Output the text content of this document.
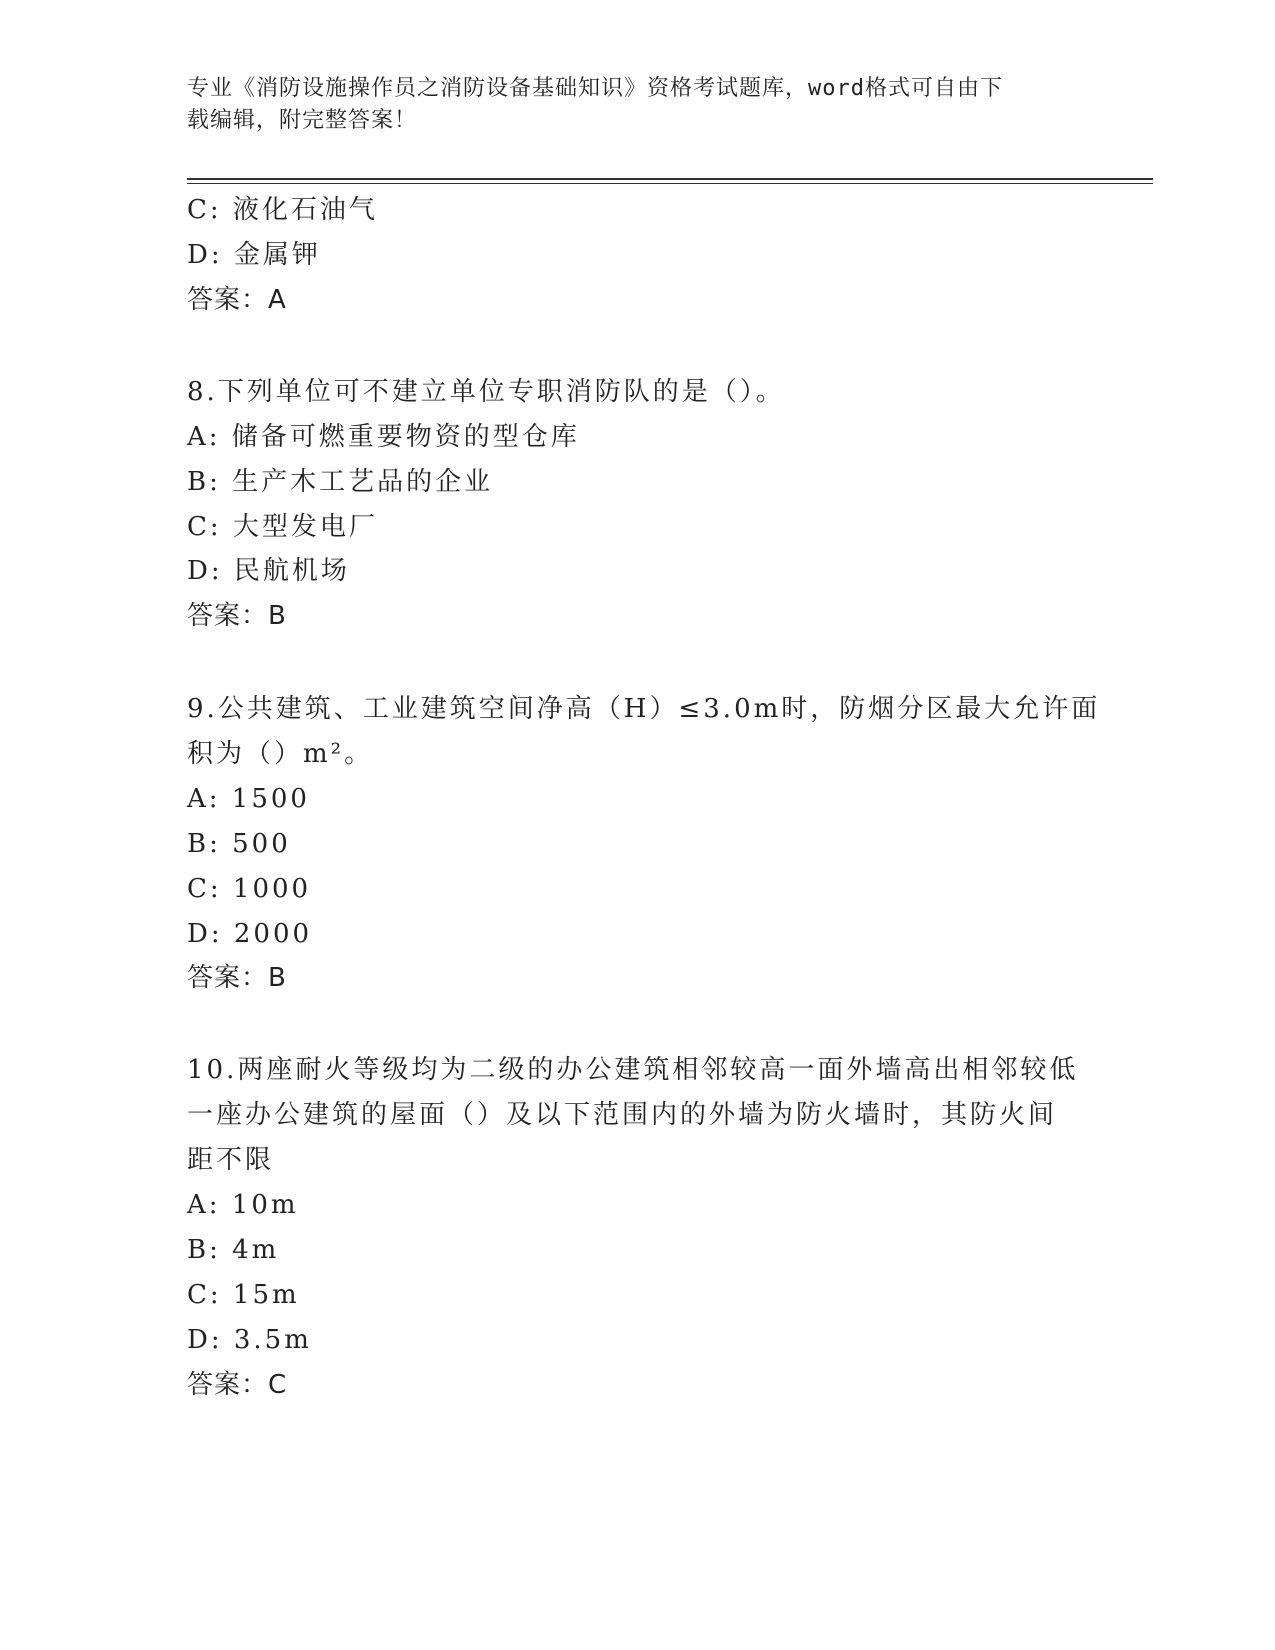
专业《消防设施操作员之消防设备基础知识》资格考试题库，word格式可自由下
载编辑，附完整答案！
C: 液化石油气
D: 金属钾
答案：A
8.下列单位可不建立单位专职消防队的是（）。
A: 储备可燃重要物资的型仓库
B: 生产木工艺品的企业
C: 大型发电厂
D: 民航机场
答案：B
9.公共建筑、工业建筑空间净高（H）≤3.0m时，防烟分区最大允许面
积为（）m²。
A: 1500
B: 500
C: 1000
D: 2000
答案：B
10.两座耐火等级均为二级的办公建筑相邻较高一面外墙高出相邻较低
一座办公建筑的屋面（）及以下范围内的外墙为防火墙时，其防火间
距不限
A: 10m
B: 4m
C: 15m
D: 3.5m
答案：C
